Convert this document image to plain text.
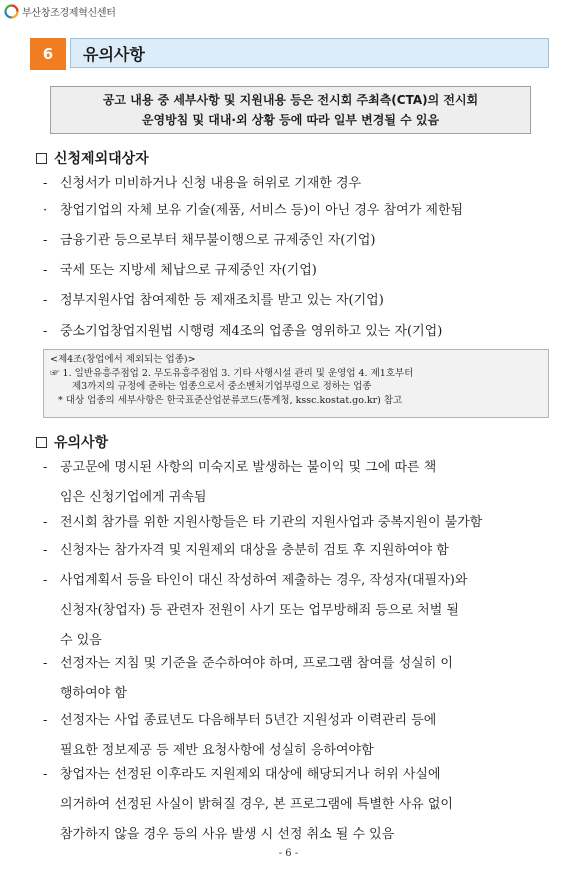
부산창조경제혁신센터
6	유의사항
공고 내용 중 세부사항 및 지원내용 등은 전시회 주최측(CTA)의 전시회
운영방침 및 대내·외 상황 등에 따라 일부 변경될 수 있음
신청제외대상자
- 신청서가 미비하거나 신청 내용을 허위로 기재한 경우
· 창업기업의 자체 보유 기술(제품, 서비스 등)이 아닌 경우 참여가 제한됨
- 금융기관 등으로부터 채무불이행으로 규제중인 자(기업)
- 국세 또는 지방세 체납으로 규제중인 자(기업)
- 정부지원사업 참여제한 등 제재조치를 받고 있는 자(기업)
- 중소기업창업지원법 시행령 제4조의 업종을 영위하고 있는 자(기업)
<제4조(창업에서 제외되는 업종)>
☞ 1. 일반유흥주점업 2. 무도유흥주점업 3. 기타 사행시설 관리 및 운영업 4. 제1호부터
제3까지의 규정에 준하는 업종으로서 중소벤처기업부령으로 정하는 업종
* 대상 업종의 세부사항은 한국표준산업분류코드(통계청, kssc.kostat.go.kr) 참고
유의사항
- 공고문에 명시된 사항의 미숙지로 발생하는 불이익 및 그에 따른 책
임은 신청기업에게 귀속됨
- 전시회 참가를 위한 지원사항들은 타 기관의 지원사업과 중복지원이 불가함
- 신청자는 참가자격 및 지원제외 대상을 충분히 검토 후 지원하여야 함
- 사업계획서 등을 타인이 대신 작성하여 제출하는 경우, 작성자(대필자)와
신청자(창업자) 등 관련자 전원이 사기 또는 업무방해죄 등으로 처벌 될
수 있음
- 선정자는 지침 및 기준을 준수하여야 하며, 프로그램 참여를 성실히 이
행하여야 함
- 선정자는 사업 종료년도 다음해부터 5년간 지원성과 이력관리 등에
필요한 정보제공 등 제반 요청사항에 성실히 응하여야함
- 창업자는 선정된 이후라도 지원제외 대상에 해당되거나 허위 사실에
의거하여 선정된 사실이 밝혀질 경우, 본 프로그램에 특별한 사유 없이
참가하지 않을 경우 등의 사유 발생 시 선정 취소 될 수 있음
- 6 -
